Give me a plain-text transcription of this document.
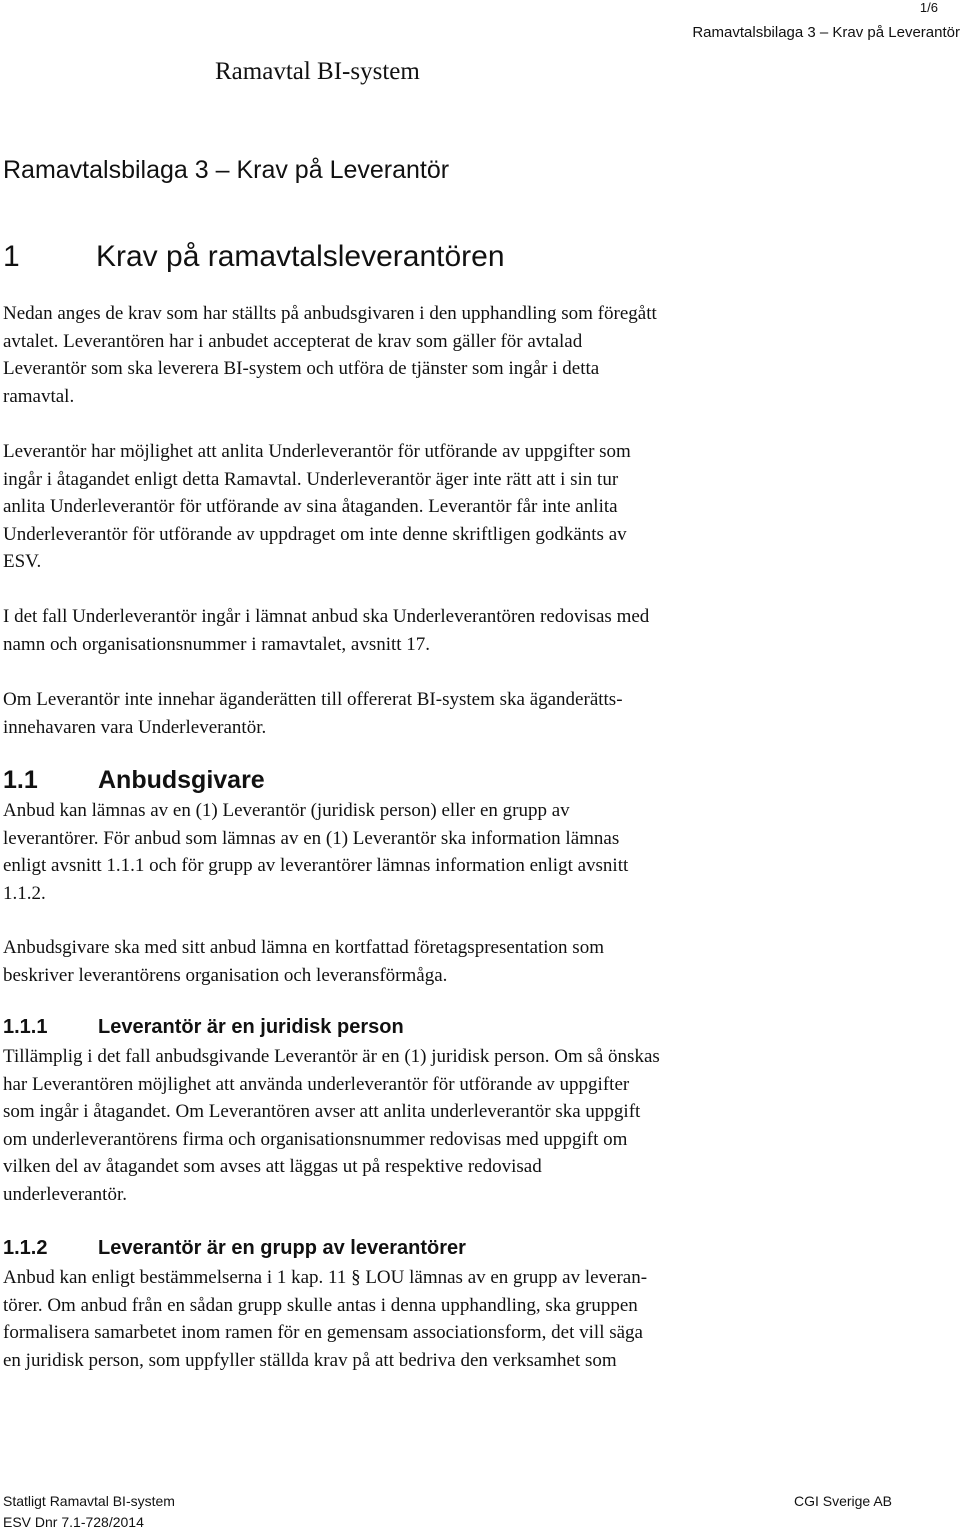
1/6
Ramavtalsbilaga 3 – Krav på Leverantör
Ramavtal BI-system
Ramavtalsbilaga 3 – Krav på Leverantör
1	Krav på ramavtalsleverantören

Nedan anges de krav som har ställts på anbudsgivaren i den upphandling som föregått
avtalet. Leverantören har i anbudet accepterat de krav som gäller för avtalad
Leverantör som ska leverera BI-system och utföra de tjänster som ingår i detta
ramavtal.

Leverantör har möjlighet att anlita Underleverantör för utförande av uppgifter som
ingår i åtagandet enligt detta Ramavtal. Underleverantör äger inte rätt att i sin tur
anlita Underleverantör för utförande av sina åtaganden. Leverantör får inte anlita
Underleverantör för utförande av uppdraget om inte denne skriftligen godkänts av
ESV.

I det fall Underleverantör ingår i lämnat anbud ska Underleverantören redovisas med
namn och organisationsnummer i ramavtalet, avsnitt 17.

Om Leverantör inte innehar äganderätten till offererat BI-system ska äganderätts-
innehavaren vara Underleverantör.

1.1 Anbudsgivare

Anbud kan lämnas av en (1) Leverantör (juridisk person) eller en grupp av
leverantörer. För anbud som lämnas av en (1) Leverantör ska information lämnas
enligt avsnitt 1.1.1 och för grupp av leverantörer lämnas information enligt avsnitt
1.1.2.

Anbudsgivare ska med sitt anbud lämna en kortfattad företagspresentation som
beskriver leverantörens organisation och leveransförmåga.

1.1.1	Leverantör är en juridisk person

Tillämplig i det fall anbudsgivande Leverantör är en (1) juridisk person. Om så önskas
har Leverantören möjlighet att använda underleverantör för utförande av uppgifter
som ingår i åtagandet. Om Leverantören avser att anlita underleverantör ska uppgift
om underleverantörens firma och organisationsnummer redovisas med uppgift om
vilken del av åtagandet som avses att läggas ut på respektive redovisad
underleverantör.

1.1.2	Leverantör är en grupp av leverantörer

Anbud kan enligt bestämmelserna i 1 kap. 11 § LOU lämnas av en grupp av leveran-
törer. Om anbud från en sådan grupp skulle antas i denna upphandling, ska gruppen
formalisera samarbetet inom ramen för en gemensam associationsform, det vill säga
en juridisk person, som uppfyller ställda krav på att bedriva den verksamhet som

Statligt Ramavtal BI-system
ESV Dnr 7.1-728/2014
CGI Sverige AB
